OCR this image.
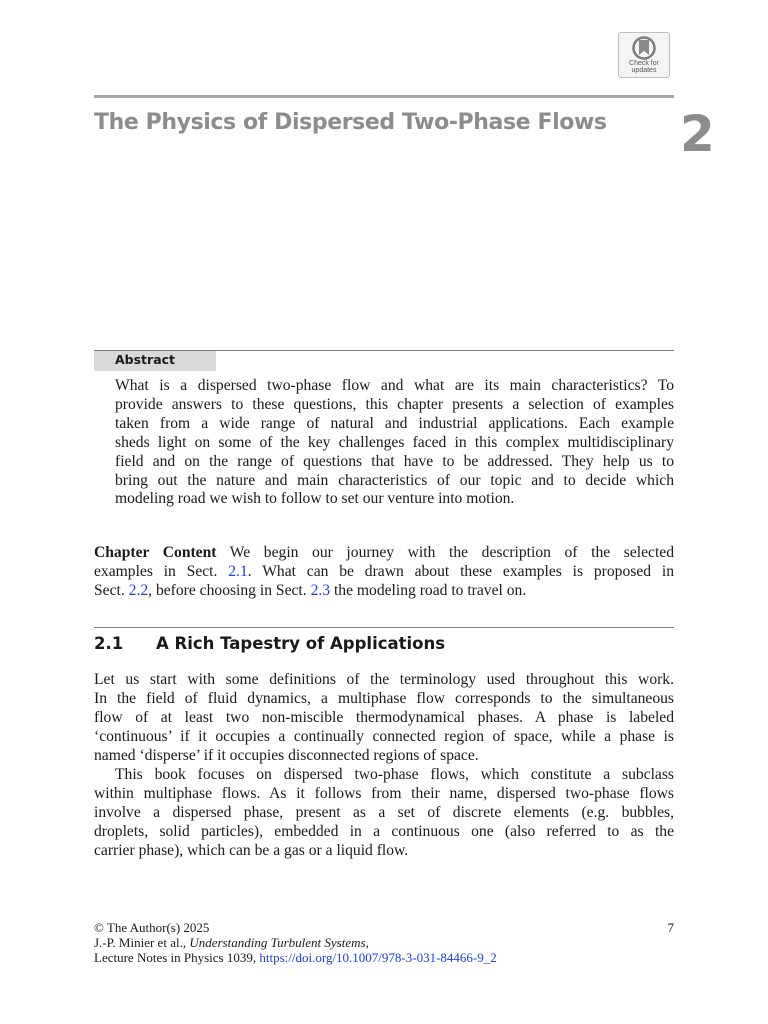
Check for
updates
The Physics of Dispersed Two-Phase Flows	2
Abstract
What is a dispersed two-phase flow and what are its main characteristics? To
provide answers to these questions, this chapter presents a selection of examples
taken from a wide range of natural and industrial applications. Each example
sheds light on some of the key challenges faced in this complex multidisciplinary
field and on the range of questions that have to be addressed. They help us to
bring out the nature and main characteristics of our topic and to decide which
modeling road we wish to follow to set our venture into motion.
Chapter Content We begin our journey with the description of the selected
examples in Sect. 2.1. What can be drawn about these examples is proposed in
Sect. 2.2, before choosing in Sect. 2.3 the modeling road to travel on.
2.1 A Rich Tapestry of Applications
Let us start with some definitions of the terminology used throughout this work.
In the field of fluid dynamics, a multiphase flow corresponds to the simultaneous
flow of at least two non-miscible thermodynamical phases. A phase is labeled
‘continuous’ if it occupies a continually connected region of space, while a phase is
named ‘disperse’ if it occupies disconnected regions of space.
This book focuses on dispersed two-phase flows, which constitute a subclass
within multiphase flows. As it follows from their name, dispersed two-phase flows
involve a dispersed phase, present as a set of discrete elements (e.g. bubbles,
droplets, solid particles), embedded in a continuous one (also referred to as the
carrier phase), which can be a gas or a liquid flow.
© The Author(s) 2025
J.-P. Minier et al., Understanding Turbulent Systems,
Lecture Notes in Physics 1039, https://doi.org/10.1007/978-3-031-84466-9_2
7
